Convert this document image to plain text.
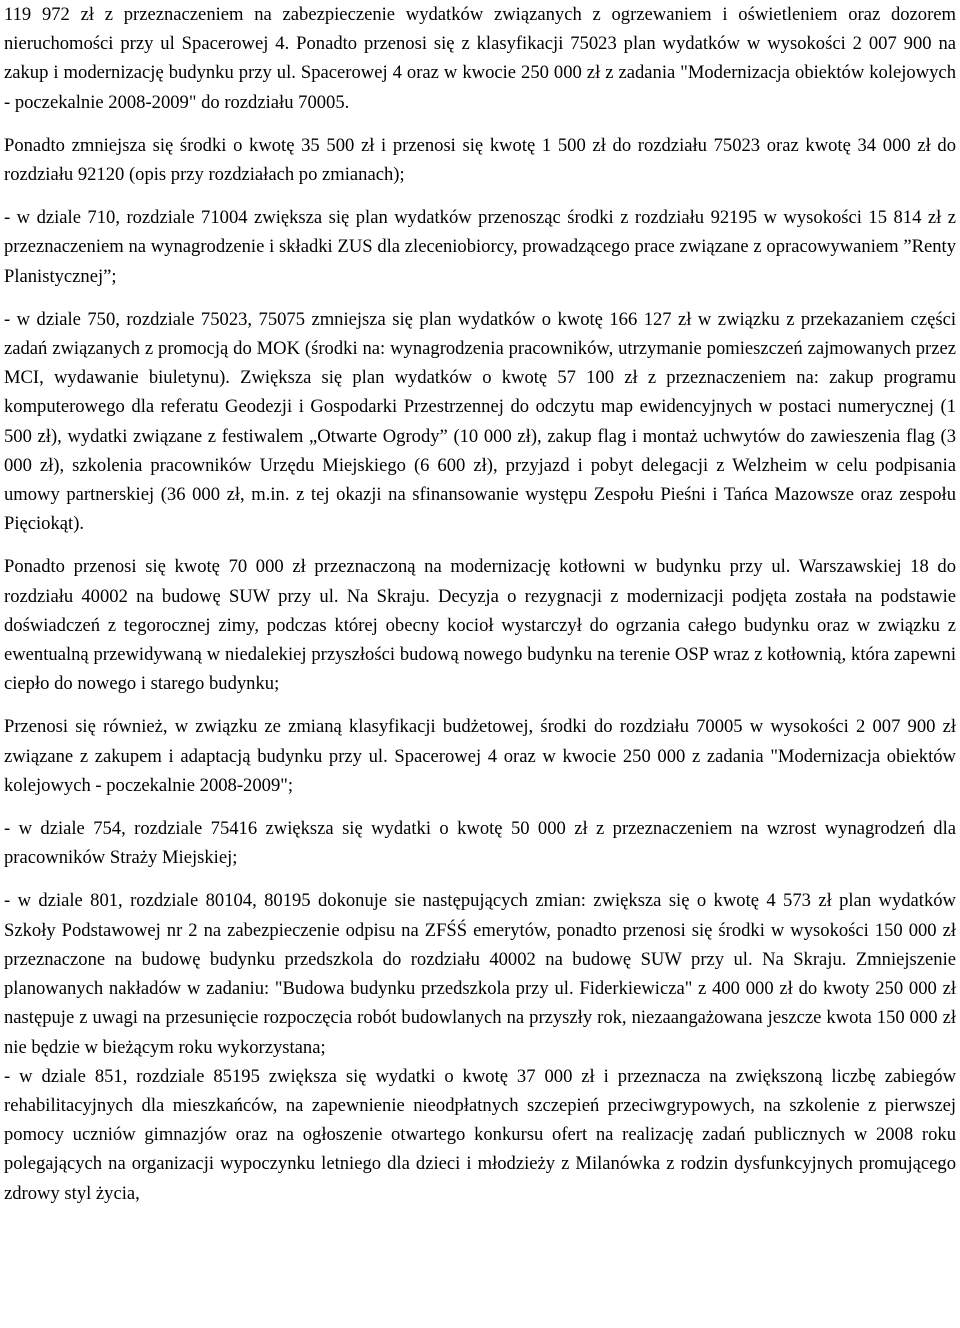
119 972 zł z przeznaczeniem na zabezpieczenie wydatków związanych z ogrzewaniem i oświetleniem oraz dozorem nieruchomości przy ul Spacerowej 4. Ponadto przenosi się z klasyfikacji 75023 plan wydatków w wysokości 2 007 900 na zakup i modernizację budynku przy ul. Spacerowej 4 oraz w kwocie 250 000 zł z zadania "Modernizacja obiektów kolejowych - poczekalnie 2008-2009" do rozdziału 70005.

Ponadto zmniejsza się środki o kwotę 35 500 zł i przenosi się kwotę 1 500 zł do rozdziału 75023 oraz kwotę 34 000 zł do rozdziału 92120 (opis przy rozdziałach po zmianach);

- w dziale 710, rozdziale 71004 zwiększa się plan wydatków przenosząc środki z rozdziału 92195 w wysokości 15 814 zł z przeznaczeniem na wynagrodzenie i składki ZUS dla zleceniobiorcy, prowadzącego prace związane z opracowywaniem ”Renty Planistycznej”;

- w dziale 750, rozdziale 75023, 75075 zmniejsza się plan wydatków o kwotę 166 127 zł w związku z przekazaniem części zadań związanych z promocją do MOK (środki na: wynagrodzenia pracowników, utrzymanie pomieszczeń zajmowanych przez MCI, wydawanie biuletynu). Zwiększa się plan wydatków o kwotę 57 100 zł z przeznaczeniem na: zakup programu komputerowego dla referatu Geodezji i Gospodarki Przestrzennej do odczytu map ewidencyjnych w postaci numerycznej (1 500 zł), wydatki związane z festiwalem „Otwarte Ogrody” (10 000 zł), zakup flag i montaż uchwytów do zawieszenia flag (3 000 zł), szkolenia pracowników Urzędu Miejskiego (6 600 zł), przyjazd i pobyt delegacji z Welzheim w celu podpisania umowy partnerskiej (36 000 zł, m.in. z tej okazji na sfinansowanie występu Zespołu Pieśni i Tańca Mazowsze oraz zespołu Pięciokąt).

Ponadto przenosi się kwotę 70 000 zł przeznaczoną na modernizację kotłowni w budynku przy ul. Warszawskiej 18 do rozdziału 40002 na budowę SUW przy ul. Na Skraju. Decyzja o rezygnacji z modernizacji podjęta została na podstawie doświadczeń z tegorocznej zimy, podczas której obecny kocioł wystarczył do ogrzania całego budynku oraz w związku z ewentualną przewidywaną w niedalekiej przyszłości budową nowego budynku na terenie OSP wraz z kotłownią, która zapewni ciepło do nowego i starego budynku;

Przenosi się również, w związku ze zmianą klasyfikacji budżetowej, środki do rozdziału 70005 w wysokości 2 007 900 zł związane z zakupem i adaptacją budynku przy ul. Spacerowej 4 oraz w kwocie 250 000 z zadania "Modernizacja obiektów kolejowych - poczekalnie 2008-2009";

- w dziale 754, rozdziale 75416 zwiększa się wydatki o kwotę 50 000 zł z przeznaczeniem na wzrost wynagrodzeń dla pracowników Straży Miejskiej;

- w dziale 801, rozdziale 80104, 80195 dokonuje sie następujących zmian: zwiększa się o kwotę 4 573 zł plan wydatków Szkoły Podstawowej nr 2 na zabezpieczenie odpisu na ZFŚŚ emerytów, ponadto przenosi się środki w wysokości 150 000 zł przeznaczone na budowę budynku przedszkola do rozdziału 40002 na budowę SUW przy ul. Na Skraju. Zmniejszenie planowanych nakładów w zadaniu: "Budowa budynku przedszkola przy ul. Fiderkiewicza" z 400 000 zł do kwoty 250 000 zł następuje z uwagi na przesunięcie rozpoczęcia robót budowlanych na przyszły rok, niezaangażowana jeszcze kwota 150 000 zł nie będzie w bieżącym roku wykorzystana;

- w dziale 851, rozdziale 85195 zwiększa się wydatki o kwotę 37 000 zł i przeznacza na zwiększoną liczbę zabiegów rehabilitacyjnych dla mieszkańców, na zapewnienie nieodpłatnych szczepień przeciwgrypowych, na szkolenie z pierwszej pomocy uczniów gimnazjów oraz na ogłoszenie otwartego konkursu ofert na realizację zadań publicznych w 2008 roku polegających na organizacji wypoczynku letniego dla dzieci i młodzieży z Milanówka z rodzin dysfunkcyjnych promującego zdrowy styl życia,
